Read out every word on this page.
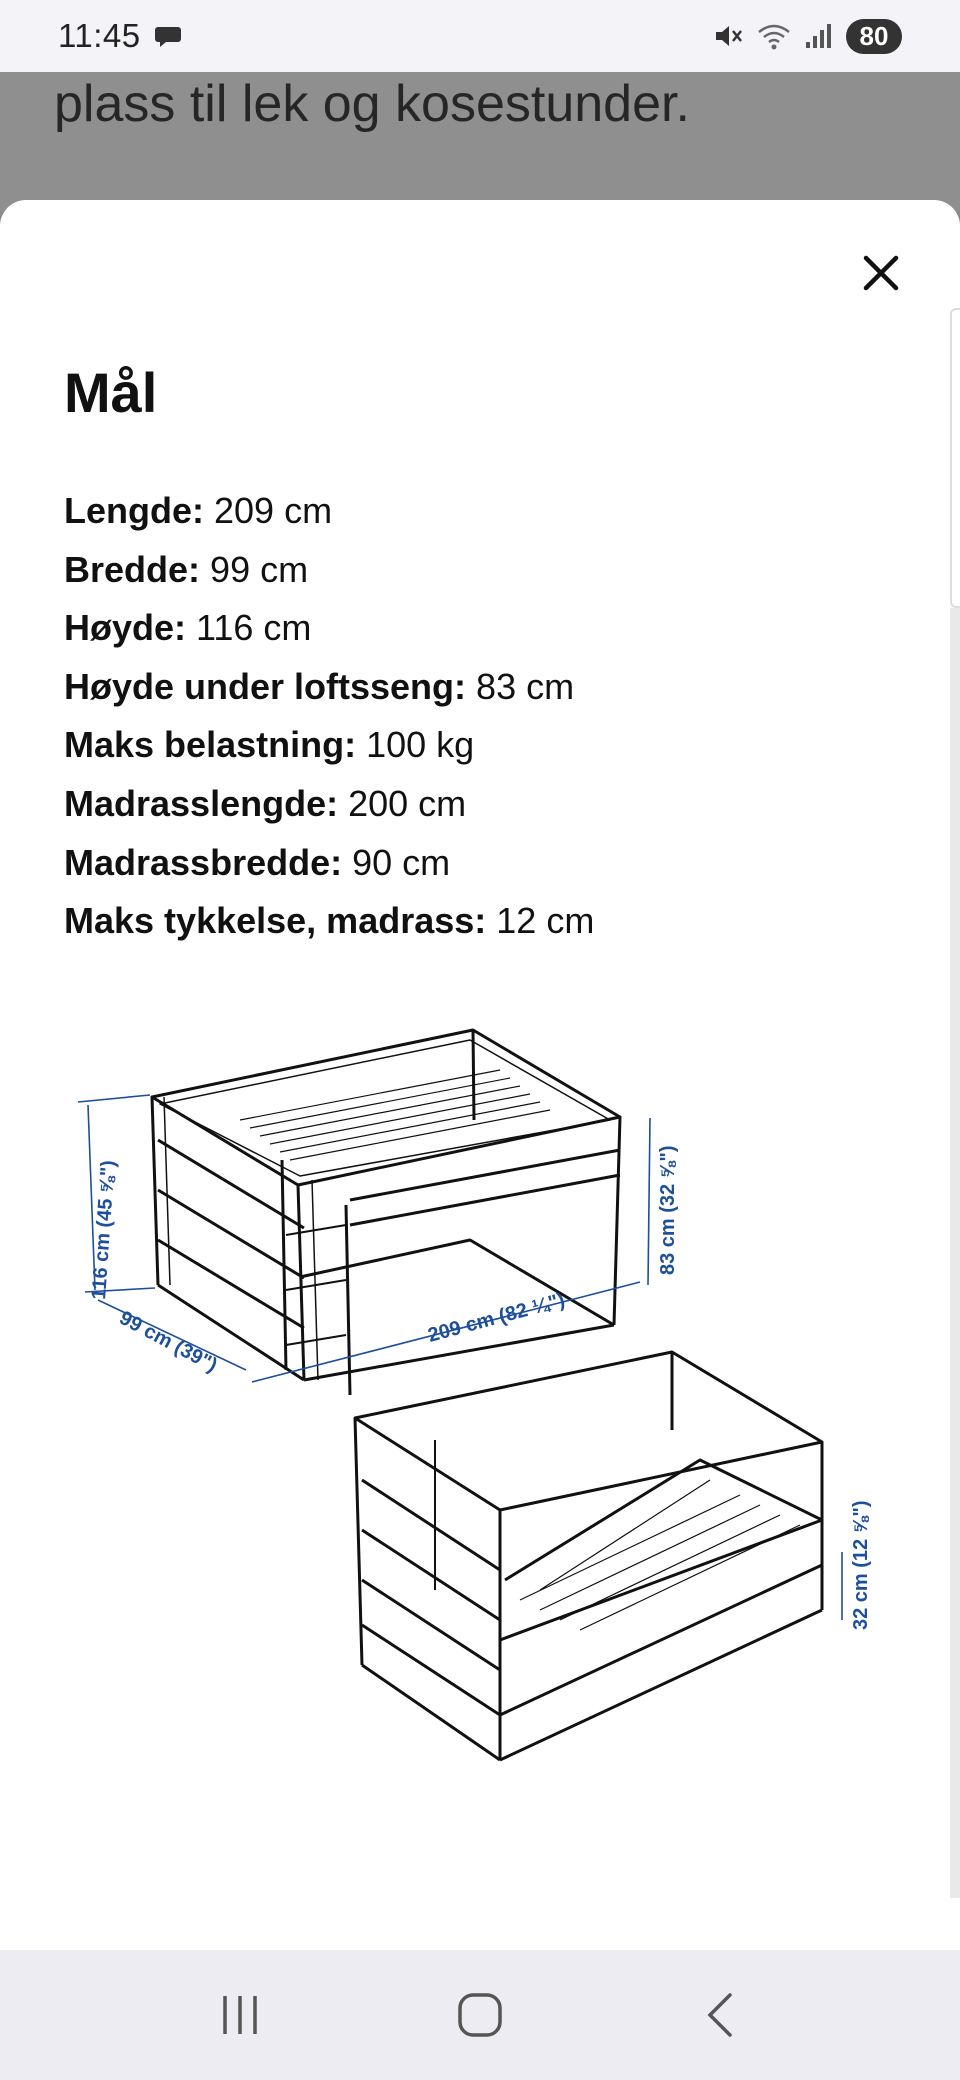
11:45	80
plass til lek og kosestunder.
Mål
Lengde: 209 cm
Bredde: 99 cm
Høyde: 116 cm
Høyde under loftsseng: 83 cm
Maks belastning: 100 kg
Madrasslengde: 200 cm
Madrassbredde: 90 cm
Maks tykkelse, madrass: 12 cm
116 cm (45 ⅝")
99 cm (39")	209 cm (82 ¼")
83 cm (32 ⅝")
32 cm (12 ⅝")
